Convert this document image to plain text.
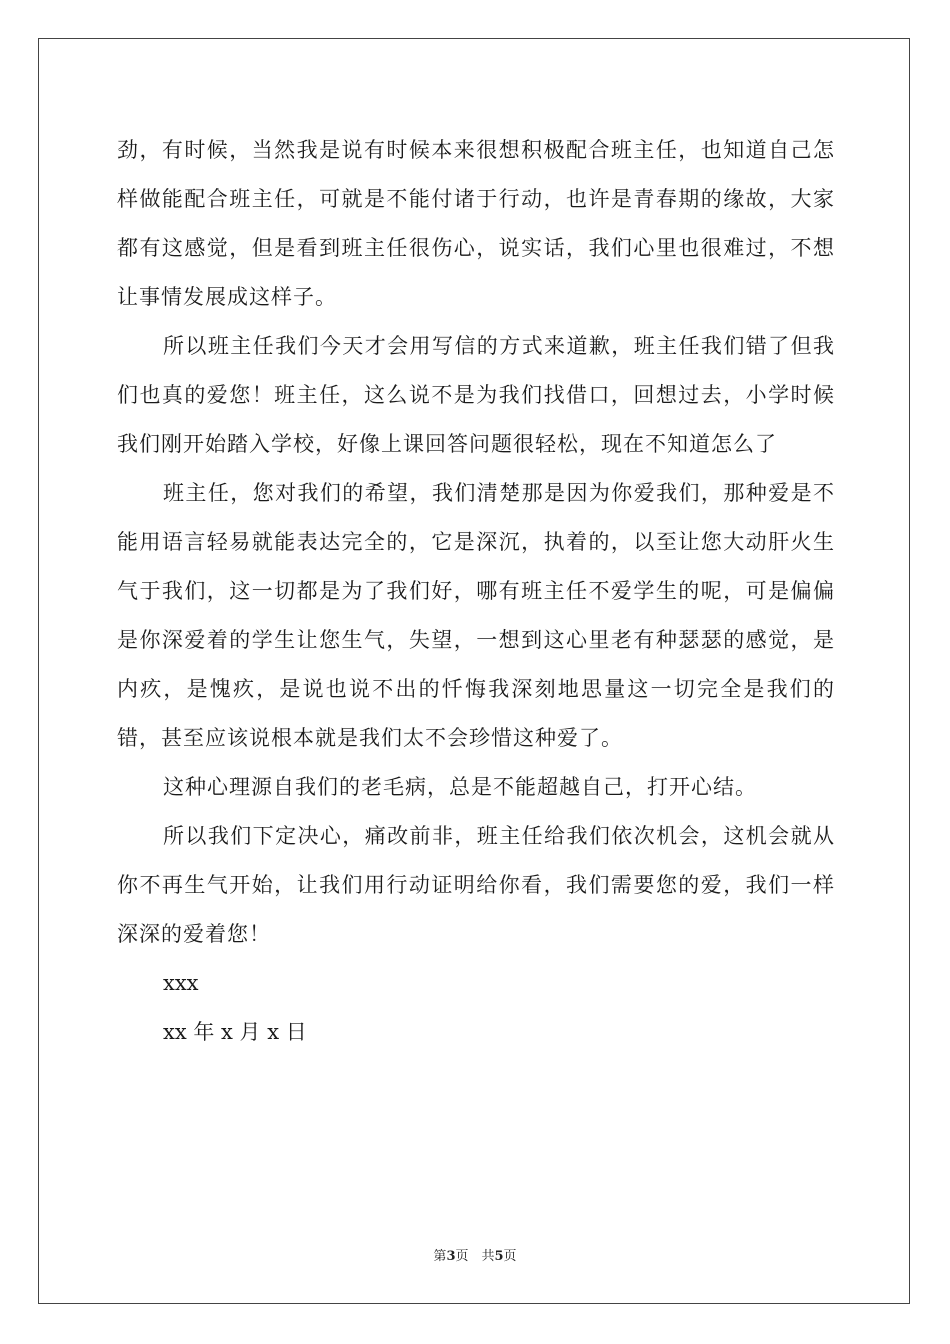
劲，有时候，当然我是说有时候本来很想积极配合班主任，也知道自己怎样做能配合班主任，可就是不能付诸于行动，也许是青春期的缘故，大家都有这感觉，但是看到班主任很伤心，说实话，我们心里也很难过，不想让事情发展成这样子。

所以班主任我们今天才会用写信的方式来道歉，班主任我们错了但我们也真的爱您！班主任，这么说不是为我们找借口，回想过去，小学时候我们刚开始踏入学校，好像上课回答问题很轻松，现在不知道怎么了

班主任，您对我们的希望，我们清楚那是因为你爱我们，那种爱是不能用语言轻易就能表达完全的，它是深沉，执着的，以至让您大动肝火生气于我们，这一切都是为了我们好，哪有班主任不爱学生的呢，可是偏偏是你深爱着的学生让您生气，失望，一想到这心里老有种瑟瑟的感觉，是内疚，是愧疚，是说也说不出的忏悔我深刻地思量这一切完全是我们的错，甚至应该说根本就是我们太不会珍惜这种爱了。

这种心理源自我们的老毛病，总是不能超越自己，打开心结。

所以我们下定决心，痛改前非，班主任给我们依次机会，这机会就从你不再生气开始，让我们用行动证明给你看，我们需要您的爱，我们一样深深的爱着您！

xxx

xx 年 x 月 x 日

第3页　共5页
